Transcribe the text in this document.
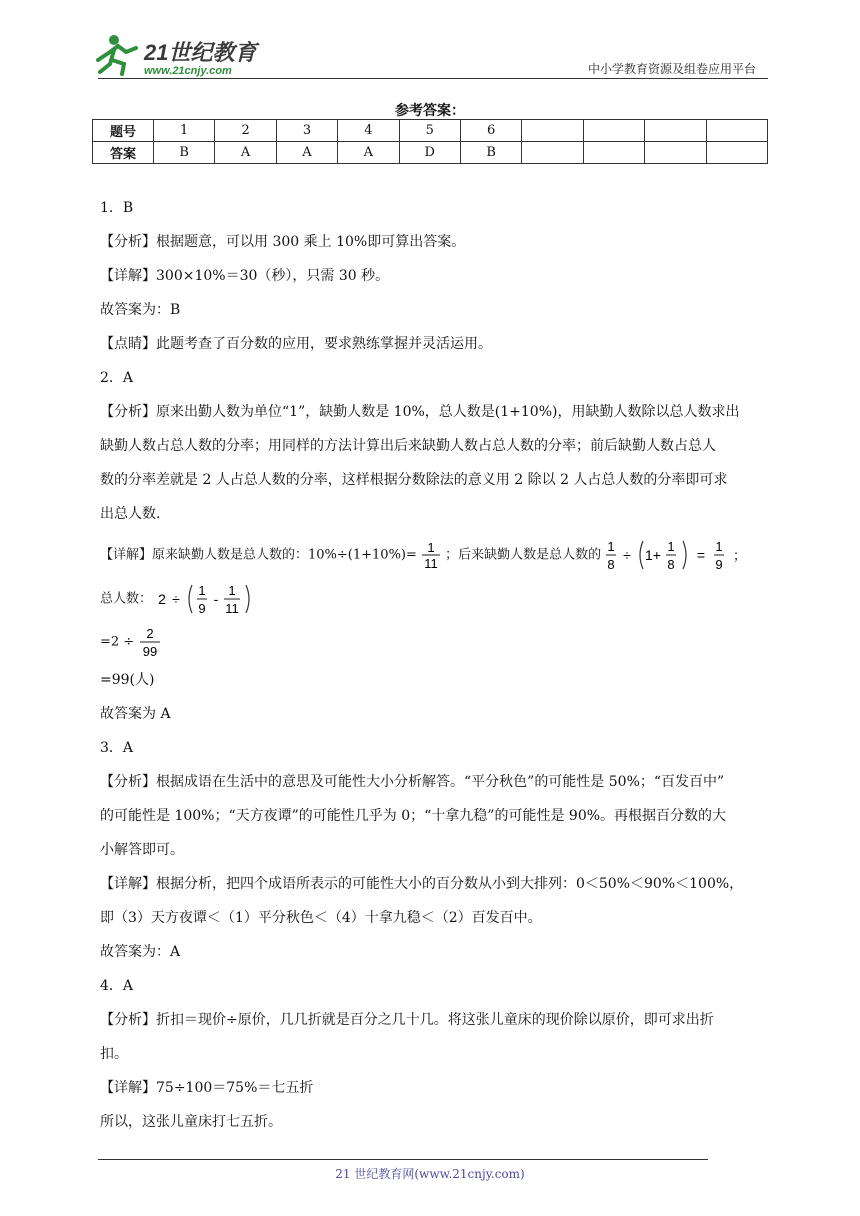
21世纪教育
www.21cnjy.com	中小学教育资源及组卷应用平台
参考答案：
题号	1	2	3	4	5	6				
答案	B	A	A	A	D	B				
1．B
【分析】根据题意，可以用 300 乘上 10%即可算出答案。
【详解】300×10%＝30（秒），只需 30 秒。
故答案为：B
【点睛】此题考查了百分数的应用，要求熟练掌握并灵活运用。
2．A
【分析】原来出勤人数为单位“1”，缺勤人数是 10%，总人数是(1+10%)，用缺勤人数除以总人数求出
缺勤人数占总人数的分率；用同样的方法计算出后来缺勤人数占总人数的分率；前后缺勤人数占总人
数的分率差就是 2 人占总人数的分率，这样根据分数除法的意义用 2 除以 2 人占总人数的分率即可求
出总人数.
【详解】原来缺勤人数是总人数的：10%÷(1+10%)= 1
11
；后来缺勤人数是总人数的
1
8
÷ 1+
1
8
=
1
9
；
总人数： 2 ÷
1
9
-
1
11
=2 ÷
2
99
=99(人)
故答案为 A
3．A
【分析】根据成语在生活中的意思及可能性大小分析解答。“平分秋色”的可能性是 50%；“百发百中”
的可能性是 100%；“天方夜谭”的可能性几乎为 0；“十拿九稳”的可能性是 90%。再根据百分数的大
小解答即可。
【详解】根据分析，把四个成语所表示的可能性大小的百分数从小到大排列：0＜50%＜90%＜100%，
即（3）天方夜谭＜（1）平分秋色＜（4）十拿九稳＜（2）百发百中。
故答案为：A
4．A
【分析】折扣＝现价÷原价，几几折就是百分之几十几。将这张儿童床的现价除以原价，即可求出折
扣。
【详解】75÷100＝75%＝七五折
所以，这张儿童床打七五折。
21 世纪教育网(www.21cnjy.com)
